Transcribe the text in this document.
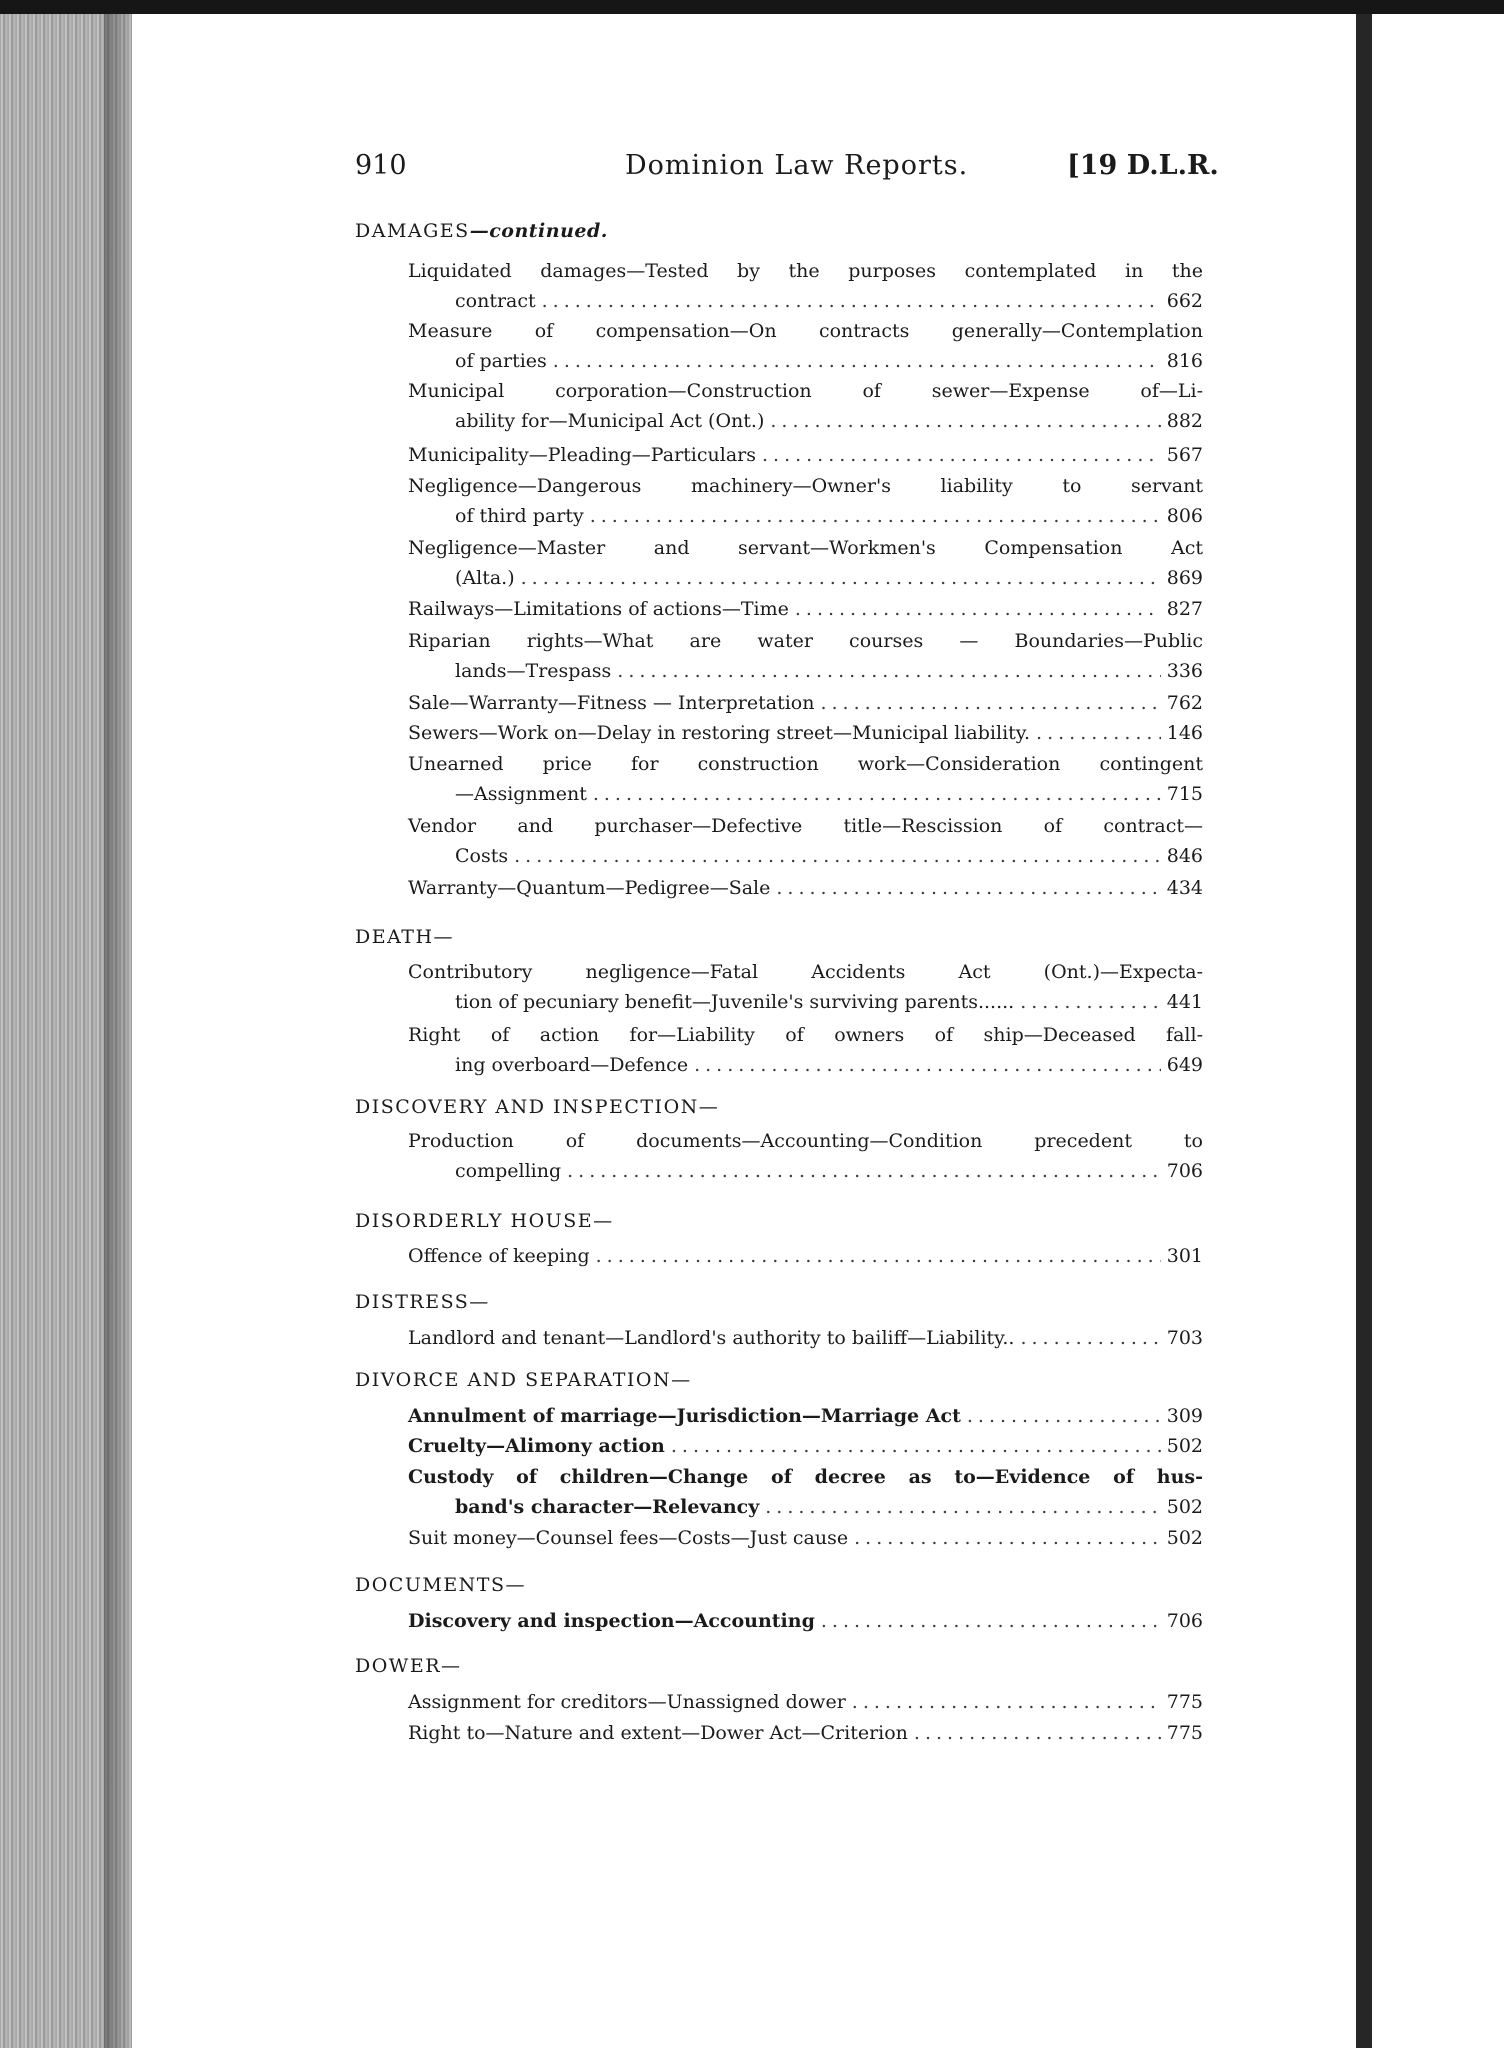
910	Dominion Law Reports.	[19 D.L.R.
DAMAGES—continued.
Liquidated damages—Tested by the purposes contemplated in the
contract .....	662
Measure of compensation—On contracts generally—Contemplation
of parties .....	816
Municipal corporation—Construction of sewer—Expense of—Li-
ability for—Municipal Act (Ont.) .....	882
Municipality—Pleading—Particulars .....	567
Negligence—Dangerous machinery—Owner's liability to servant
of third party .....	806
Negligence—Master and servant—Workmen's Compensation Act
(Alta.) .....	869
Railways—Limitations of actions—Time .....	827
Riparian rights—What are water courses — Boundaries—Public
lands—Trespass .....	336
Sale—Warranty—Fitness — Interpretation .....	762
Sewers—Work on—Delay in restoring street—Municipal liability. .....	146
Unearned price for construction work—Consideration contingent
—Assignment .....	715
Vendor and purchaser—Defective title—Rescission of contract—
Costs .....	846
Warranty—Quantum—Pedigree—Sale .....	434
DEATH—
Contributory negligence—Fatal Accidents Act (Ont.)—Expecta-
tion of pecuniary benefit—Juvenile's surviving parents...... .....	441
Right of action for—Liability of owners of ship—Deceased fall-
ing overboard—Defence .....	649
DISCOVERY AND INSPECTION—
Production of documents—Accounting—Condition precedent to
compelling .....	706
DISORDERLY HOUSE—
Offence of keeping .....	301
DISTRESS—
Landlord and tenant—Landlord's authority to bailiff—Liability.. .....	703
DIVORCE AND SEPARATION—
Annulment of marriage—Jurisdiction—Marriage Act .....	309
Cruelty—Alimony action .....	502
Custody of children—Change of decree as to—Evidence of hus-
band's character—Relevancy .....	502
Suit money—Counsel fees—Costs—Just cause .....	502
DOCUMENTS—
Discovery and inspection—Accounting .....	706
DOWER—
Assignment for creditors—Unassigned dower .....	775
Right to—Nature and extent—Dower Act—Criterion .....	775
